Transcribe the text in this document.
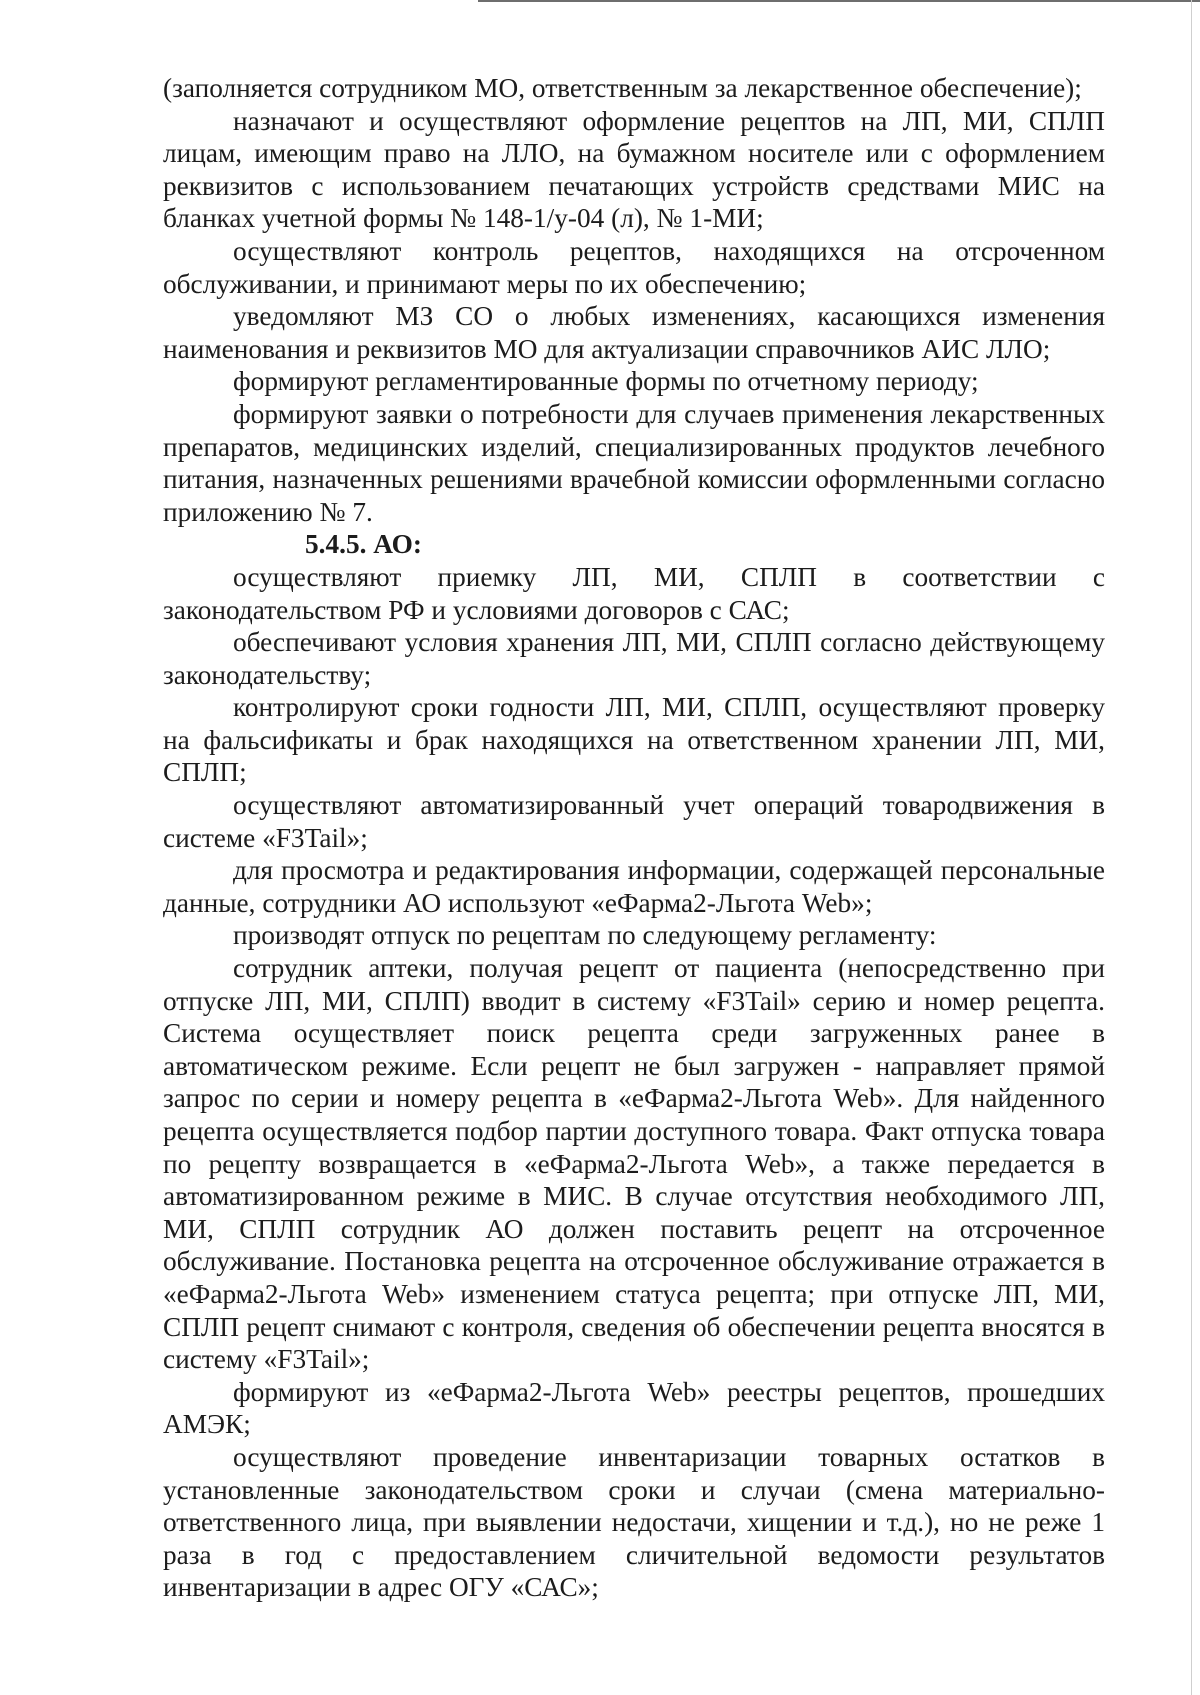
(заполняется сотрудником МО, ответственным за лекарственное обеспечение);

назначают и осуществляют оформление рецептов на ЛП, МИ, СПЛП лицам, имеющим право на ЛЛО, на бумажном носителе или с оформлением реквизитов с использованием печатающих устройств средствами МИС на бланках учетной формы № 148-1/у-04 (л), № 1-МИ;

осуществляют контроль рецептов, находящихся на отсроченном обслуживании, и принимают меры по их обеспечению;

уведомляют МЗ СО о любых изменениях, касающихся изменения наименования и реквизитов МО для актуализации справочников АИС ЛЛО;

формируют регламентированные формы по отчетному периоду;

формируют заявки о потребности для случаев применения лекарственных препаратов, медицинских изделий, специализированных продуктов лечебного питания, назначенных решениями врачебной комиссии оформленными согласно приложению № 7.

5.4.5. АО:

осуществляют приемку ЛП, МИ, СПЛП в соответствии с законодательством РФ и условиями договоров с САС;

обеспечивают условия хранения ЛП, МИ, СПЛП согласно действующему законодательству;

контролируют сроки годности ЛП, МИ, СПЛП, осуществляют проверку на фальсификаты и брак находящихся на ответственном хранении ЛП, МИ, СПЛП;

осуществляют автоматизированный учет операций товародвижения в системе «F3Tail»;

для просмотра и редактирования информации, содержащей персональные данные, сотрудники АО используют «еФарма2-Льгота Web»;

производят отпуск по рецептам по следующему регламенту:

сотрудник аптеки, получая рецепт от пациента (непосредственно при отпуске ЛП, МИ, СПЛП) вводит в систему «F3Tail» серию и номер рецепта. Система осуществляет поиск рецепта среди загруженных ранее в автоматическом режиме. Если рецепт не был загружен - направляет прямой запрос по серии и номеру рецепта в «еФарма2-Льгота Web». Для найденного рецепта осуществляется подбор партии доступного товара. Факт отпуска товара по рецепту возвращается в «еФарма2-Льгота Web», а также передается в автоматизированном режиме в МИС. В случае отсутствия необходимого ЛП, МИ, СПЛП сотрудник АО должен поставить рецепт на отсроченное обслуживание. Постановка рецепта на отсроченное обслуживание отражается в «еФарма2-Льгота Web» изменением статуса рецепта; при отпуске ЛП, МИ, СПЛП рецепт снимают с контроля, сведения об обеспечении рецепта вносятся в систему «F3Tail»;

формируют из «еФарма2-Льгота Web» реестры рецептов, прошедших АМЭК;

осуществляют проведение инвентаризации товарных остатков в установленные законодательством сроки и случаи (смена материально-ответственного лица, при выявлении недостачи, хищении и т.д.), но не реже 1 раза в год с предоставлением сличительной ведомости результатов инвентаризации в адрес ОГУ «САС»;
